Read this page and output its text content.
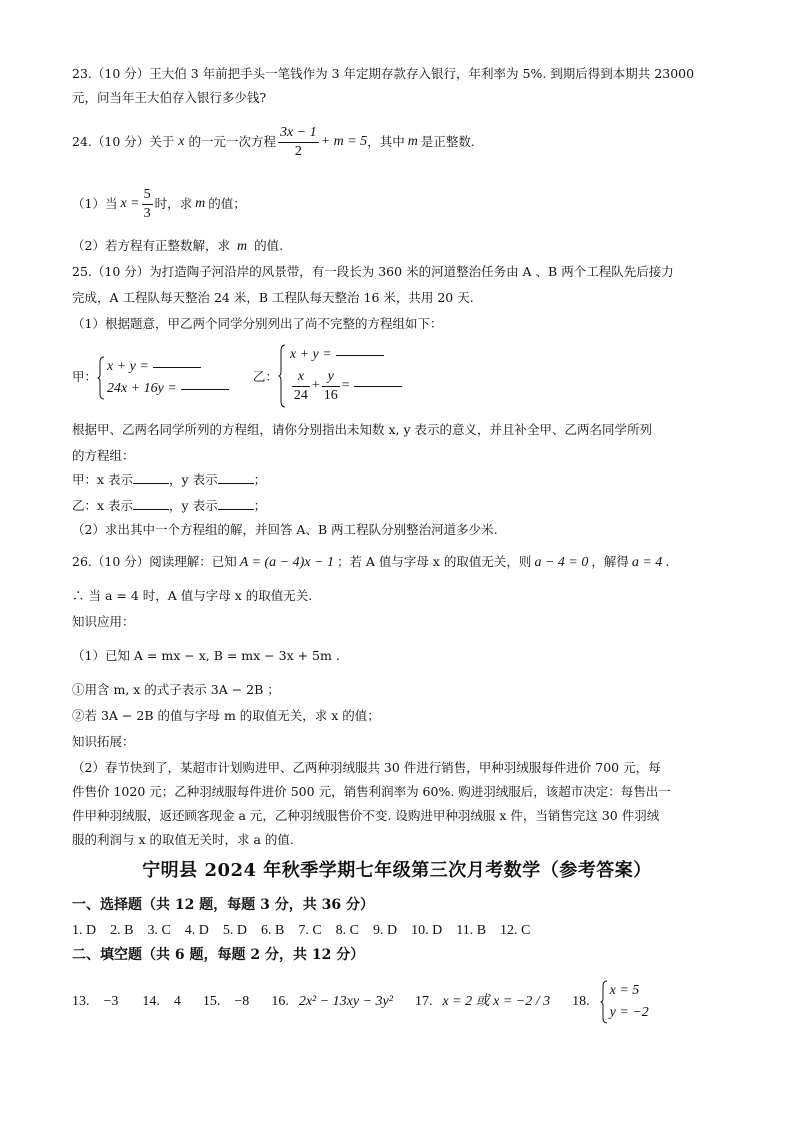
23.（10 分）王大伯 3 年前把手头一笔钱作为 3 年定期存款存入银行，年利率为 5%. 到期后得到本期共 23000
元，问当年王大伯存入银行多少钱?
24.（10 分）关于 x 的一元一次方程 $\frac{3x - 1}{2} + m = 5$ ，其中 m 是正整数.
（1）当 $x = \frac{5}{3}$ 时，求 m 的值；
（2）若方程有正整数解，求 m 的值.
25.（10 分）为打造陶子河沿岸的风景带，有一段长为 360 米的河道整治任务由 A 、B 两个工程队先后接力
完成，A 工程队每天整治 24 米，B 工程队每天整治 16 米，共用 20 天.
（1）根据题意，甲乙两个同学分别列出了尚不完整的方程组如下：
甲：
x + y =
24x + 16y =
乙：
x + y =
$\frac{x}{24} + \frac{y}{16}$ =
根据甲、乙两名同学所列的方程组，请你分别指出未知数 x, y 表示的意义，并且补全甲、乙两名同学所列
的方程组：
甲：x 表示	，y 表示	；
乙：x 表示	，y 表示	；
（2）求出其中一个方程组的解，并回答 A、B 两工程队分别整治河道多少米.
26.（10 分）阅读理解：已知 A = (a − 4)x − 1 ；若 A 值与字母 x 的取值无关，则 a − 4 = 0 ，解得 a = 4 .
∴ 当 a = 4 时，A 值与字母 x 的取值无关.
知识应用：
（1）已知 A = mx − x, B = mx − 3x + 5m .
①用含 m, x 的式子表示 3A − 2B ；
②若 3A − 2B 的值与字母 m 的取值无关，求 x 的值；
知识拓展：
（2）春节快到了，某超市计划购进甲、乙两种羽绒服共 30 件进行销售，甲种羽绒服每件进价 700 元，每
件售价 1020 元；乙种羽绒服每件进价 500 元，销售利润率为 60%. 购进羽绒服后，该超市决定：每售出一
件甲种羽绒服，返还顾客现金 a 元，乙种羽绒服售价不变. 设购进甲种羽绒服 x 件，当销售完这 30 件羽绒
服的利润与 x 的取值无关时，求 a 的值.
宁明县 2024 年秋季学期七年级第三次月考数学（参考答案）
一、选择题（共 12 题，每题 3 分，共 36 分）
1. D　2. B　3. C　4. D　5. D　6. B　7. C　8. C　9. D　10. D　11. B　12. C
二、填空题（共 6 题，每题 2 分，共 12 分）
13.　−3 14.　4 15.　−8 16. 2x² − 13xy − 3y² 17. x = 2 或 x = −2 / 3 18.
x = 5
y = −2
